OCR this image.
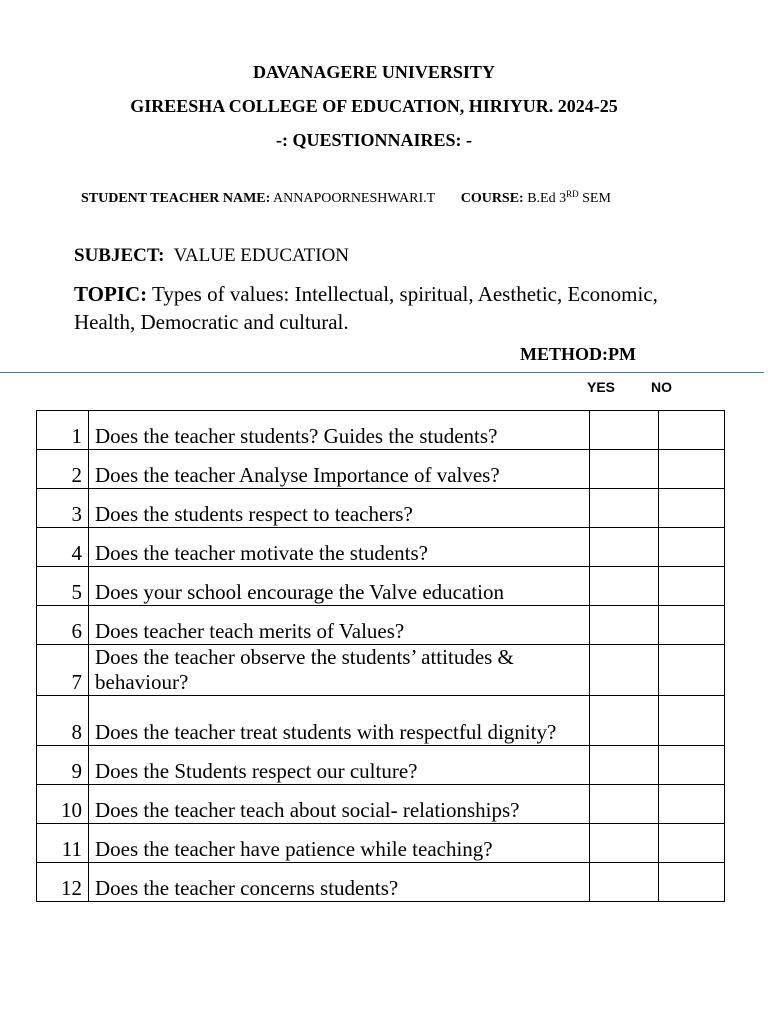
DAVANAGERE UNIVERSITY
GIREESHA COLLEGE OF EDUCATION, HIRIYUR. 2024-25
-: QUESTIONNAIRES: -
STUDENT TEACHER NAME: ANNAPOORNESHWARI.T COURSE: B.Ed 3RD SEM
SUBJECT: VALUE EDUCATION
TOPIC: Types of values: Intellectual, spiritual, Aesthetic, Economic, Health, Democratic and cultural.
METHOD:PM
YES	NO
1	Does the teacher students? Guides the students?		
2	Does the teacher Analyse Importance of valves?		
3	Does the students respect to teachers?		
4	Does the teacher motivate the students?		
5	Does your school encourage the Valve education		
6	Does teacher teach merits of Values?		
7	Does the teacher observe the students’ attitudes & behaviour?		
8	Does the teacher treat students with respectful dignity?		
9	Does the Students respect our culture?		
10	Does the teacher teach about social- relationships?		
11	Does the teacher have patience while teaching?		
12	Does the teacher concerns students?		
